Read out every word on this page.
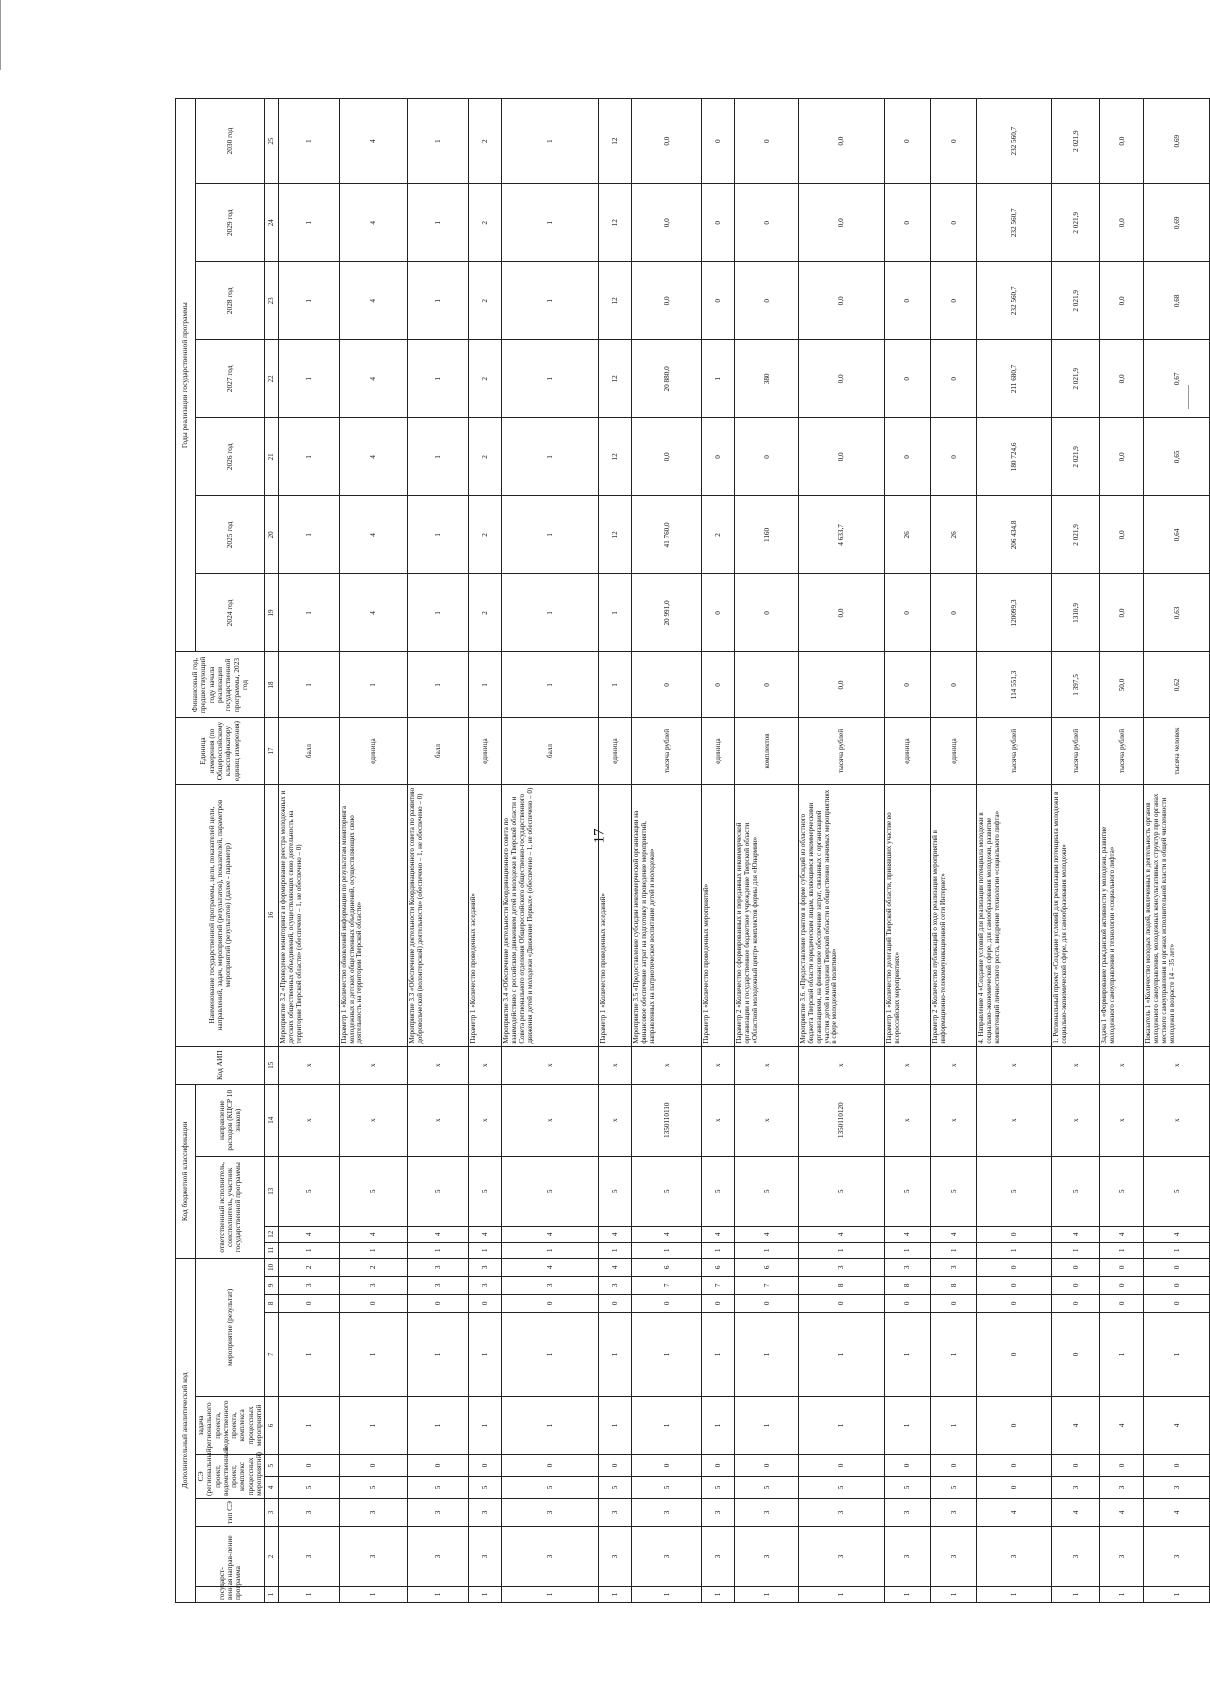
17
Дополнительный аналитический код										Код бюджетной классификации				Код АИП	Наименование государственной программы, цели, показателей цели, направлений, задач, мероприятий (результатов), показателей, параметров мероприятий (результатов) (далее - параметр)	Единица измерения (по Общероссийскому классификатору единиц измерения)	Финансовый год, предшествующий году начала реализации государственной программы, 2023 год	Годы реализации государственной программы						
государст-венная программа	направ-ление	тип СЭ	СЭ (региональный проект, ведомственный проект, комплекс процессных мероприятий)		задача регионального проекта, ведомственного проекта, комплекса процессных мероприятий	мероприятие (результат)				ответственный исполнитель, соисполнитель, участник государственной программы			направление расходов (КЦСР 10 знаков)					2024 год	2025 год	2026 год	2027 год	2028 год	2029 год	2030 год

1	2	3	4	5	6	7	8	9	10	11	12	13	14	15	16	17	18	19	20	21	22	23	24	25
1	3	3	5	0	1	1	0	3	2	1	4	5	х	х	Мероприятие 3.2 «Проведение мониторинга и формирование реестра молодежных и детских общественных объединений, осуществляющих свою деятельность на территории Тверской области» (обеспечено – 1, не обеспечено – 0)	балл	1	1	1	1	1	1	1	1
1	3	3	5	0	1	1	0	3	2	1	4	5	х	х	Параметр 1 «Количество обновлений информации по результатам мониторинга молодежных и детских общественных объединений, осуществляющих свою деятельность на территории Тверской области»	единица	1	4	4	4	4	4	4	4
1	3	3	5	0	1	1	0	3	3	1	4	5	х	х	Мероприятие 3.3 «Обеспечение деятельности Координационного совета по развитию добровольческой (волонтерской) деятельности» (обеспечено – 1, не обеспечено – 0)	балл	1	1	1	1	1	1	1	1
1	3	3	5	0	1	1	0	3	3	1	4	5	х	х	Параметр 1 «Количество проведенных заседаний»	единица	1	2	2	2	2	2	2	2
1	3	3	5	0	1	1	0	3	4	1	4	5	х	х	Мероприятие 3.4 «Обеспечение деятельности Координационного совета по взаимодействию с российским движением детей и молодежи в Тверской области и Совета регионального отделения Общероссийского общественно-государственного движения детей и молодежи «Движение Первых» (обеспечено – 1, не обеспечено – 0)	балл	1	1	1	1	1	1	1	1
1	3	3	5	0	1	1	0	3	4	1	4	5	х	х	Параметр 1 «Количество проведенных заседаний»	единица	1	1	12	12	12	12	12	12
1	3	3	5	0	1	1	0	7	6	1	4	5	1350110110	х	Мероприятие 3.5 «Предоставление субсидии некоммерческой организации на финансовое обеспечение затрат на подготовку и проведение мероприятий, направленных на патриотическое воспитание детей и молодежи»	тысяча рублей	0	20 991,0	41 760,0	0,0	20 880,0	0,0	0,0	0,0
1	3	3	5	0	1	1	0	7	6	1	4	5	х	х	Параметр 1 «Количество проведенных мероприятий»	единица	0	0	2	0	1	0	0	0
1	3	3	5	0	1	1	0	7	6	1	4	5	х	х	Параметр 2 «Количество сформированных и переданных некоммерческой организации и государственное бюджетное учреждение Тверской области «Областной молодежный центр» комплектов формы для «Юнармии»	комплектов	0	0	1160	0	380	0	0	0
1	3	3	5	0	1	1	0	8	3	1	4	5	1350110120	х	Мероприятие 3.6. «Предоставление грантов в форме субсидий из областного бюджета Тверской области юридическим лицам, являющимся некоммерческими организациями, на финансовое обеспечение затрат, связанных с организацией участия детей и молодежи Тверской области в общественно значимых мероприятиях в сфере молодежной политики»	тысяча рублей	0,0	0,0	4 633,7	0,0	0,0	0,0	0,0	0,0
1	3	3	5	0	1	1	0	8	3	1	4	5	х	х	Параметр 1 «Количество делегаций Тверской области, принявших участие во всероссийских мероприятиях»	единица	0	0	26	0	0	0	0	0
1	3	3	5	0	1	1	0	8	3	1	4	5	х	х	Параметр 2 «Количество публикаций о ходе реализации мероприятий в информационно-телекоммуникационной сети Интернет»	единица	0	0	26	0	0	0	0	0
1	3	4	0	0	0	0	0	0	0	1	0	5	х	х	4. Направление 4 «Создание условий для реализации потенциала молодежи в социально-экономической сфере, для самообразования молодежи, развитие компетенций личностного роста, внедрение технологии «социального лифта»	тысяча рублей	114 551,3	120099,3	206 434,8	180 724,6	211 680,7	232 560,7	232 560,7	232 560,7
1	3	4	3	0	4	0	0	0	0	1	4	5	х	х	1. Региональный проект «Создание условий для реализации потенциала молодежи в социально-экономической сфере, для самообразования молодежи»	тысяча рублей	1 397,5	1310,9	2 021,9	2 021,9	2 021,9	2 021,9	2 021,9	2 021,9
1	3	4	3	0	4	1	0	0	0	1	4	5	х	х	Задача 1 «Формирование гражданской активности у молодежи, развитие молодежного самоуправления и технологии «социального лифта»	тысяча рублей	50,0	0,0	0,0	0,0	0,0	0,0	0,0	0,0
1	3	4	3	0	4	1	0	0	0	1	4	5	х	х	Показатель 1 «Количество молодых людей, вовлеченных в деятельность органов молодежного самоуправления, молодежных консультативных структур при органах местного самоуправления и органах исполнительной власти в общей численности молодежи в возрасте 14 – 35 лет»	тысяча человек	0,62	0,63	0,64	0,65	0,67	0,68	0,69	0,69
